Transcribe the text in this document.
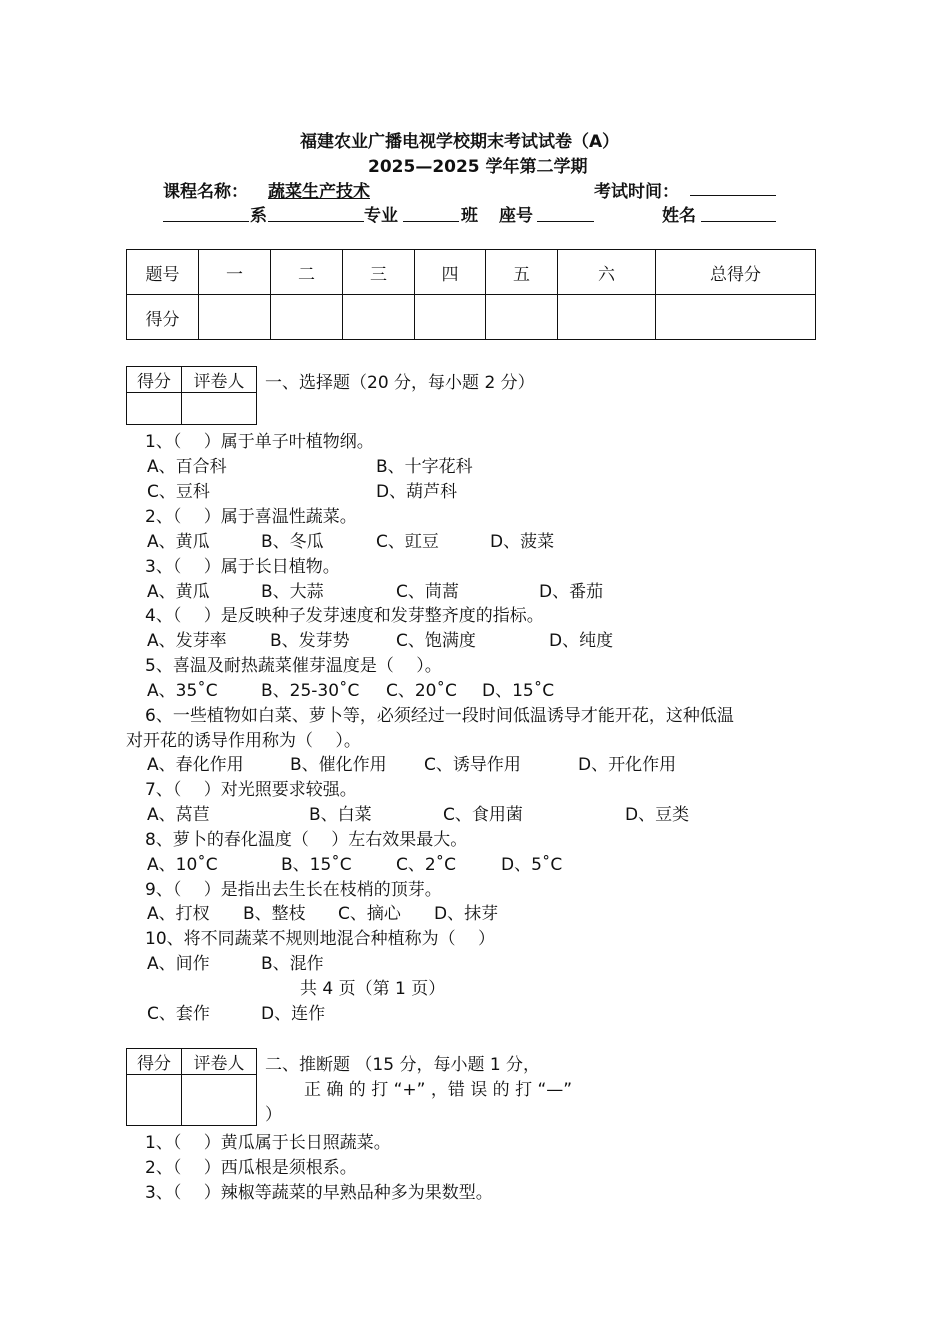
福建农业广播电视学校期末考试试卷（A）
2025—2025 学年第二学期
课程名称： 蔬菜生产技术	考试时间：
系	专业	班 座号	姓名
题号	一	二	三	四	五	六	总得分
得分							
得分	评卷人
	一、选择题（20 分，每小题 2 分）
1、（　 ）属于单子叶植物纲。
A、百合科	B、十字花科
C、豆科	D、葫芦科
2、（　 ）属于喜温性蔬菜。
A、黄瓜	B、冬瓜	C、豇豆	D、菠菜
3、（　 ）属于长日植物。
A、黄瓜	B、大蒜	C、茼蒿	D、番茄
4、（　 ）是反映种子发芽速度和发芽整齐度的指标。
A、发芽率	B、发芽势	C、饱满度	D、纯度
5、喜温及耐热蔬菜催芽温度是（　 ）。
A、35˚C	B、25-30˚C C、20˚C D、15˚C
6、一些植物如白菜、萝卜等，必须经过一段时间低温诱导才能开花，这种低温
对开花的诱导作用称为（　 ）。
A、春化作用	B、催化作用 C、诱导作用	D、开化作用
7、（　 ）对光照要求较强。
A、莴苣	B、白菜	C、食用菌	D、豆类
8、萝卜的春化温度（　 ）左右效果最大。
A、10˚C	B、15˚C	C、2˚C	D、5˚C
9、（　 ）是指出去生长在枝梢的顶芽。
A、打杈 B、整枝 C、摘心 D、抹芽
10、将不同蔬菜不规则地混合种植称为（　 ）
A、间作	B、混作
共 4 页（第 1 页）
C、套作	D、连作
得分	评卷人
	二、推断题 （15 分，每小题 1 分，
正 确 的 打 “+” ，错 误 的 打 “—”
）
1、（　 ）黄瓜属于长日照蔬菜。
2、（　 ）西瓜根是须根系。
3、（　 ）辣椒等蔬菜的早熟品种多为果数型。
